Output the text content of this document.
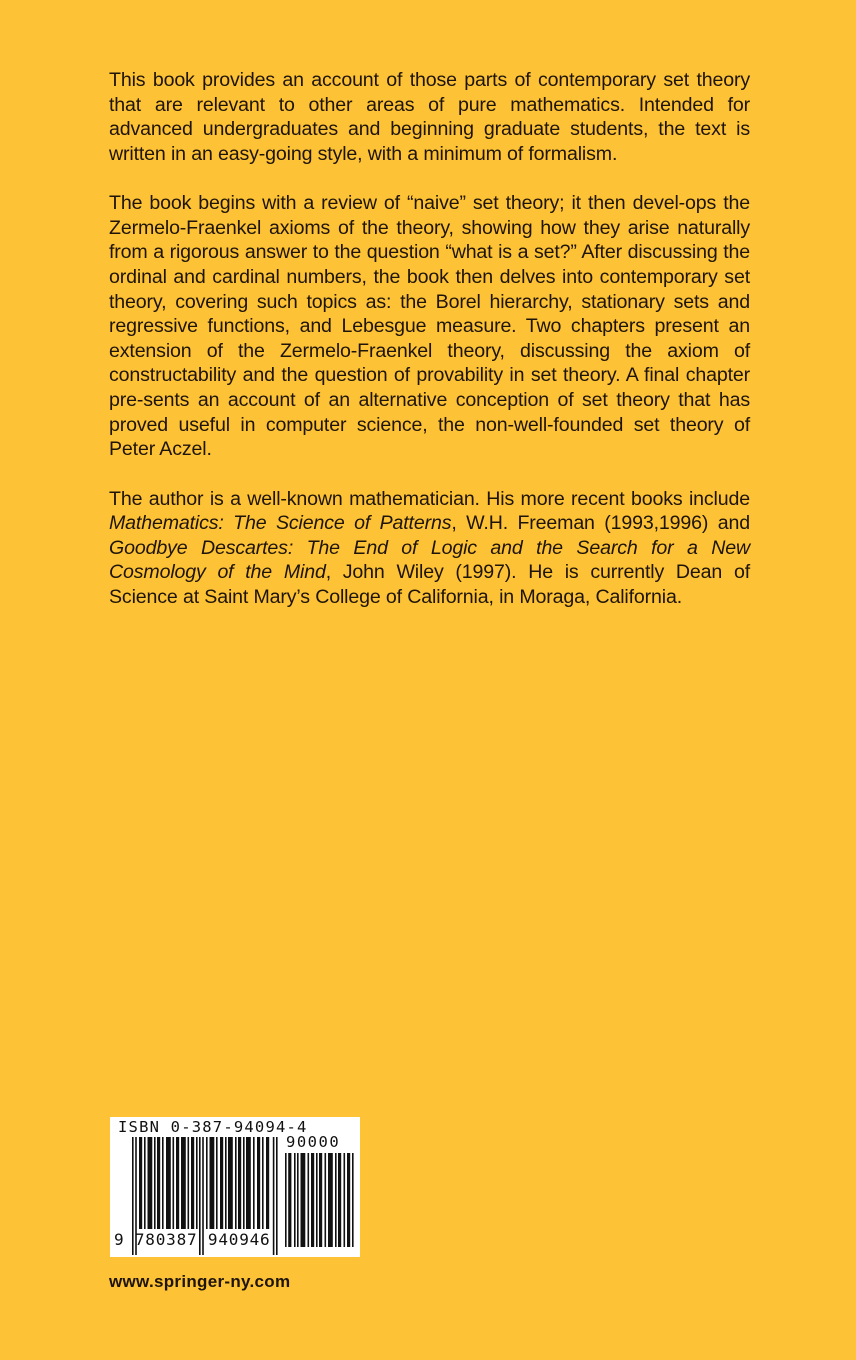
This book provides an account of those parts of contemporary set theory that are relevant to other areas of pure mathematics. Intended for advanced undergraduates and beginning graduate students, the text is written in an easy-going style, with a minimum of formalism.

The book begins with a review of “naive” set theory; it then devel-ops the Zermelo-Fraenkel axioms of the theory, showing how they arise naturally from a rigorous answer to the question “what is a set?” After discussing the ordinal and cardinal numbers, the book then delves into contemporary set theory, covering such topics as: the Borel hierarchy, stationary sets and regressive functions, and Lebesgue measure. Two chapters present an extension of the Zermelo-Fraenkel theory, discussing the axiom of constructability and the question of provability in set theory. A final chapter pre-sents an account of an alternative conception of set theory that has proved useful in computer science, the non-well-founded set theory of Peter Aczel.

The author is a well-known mathematician. His more recent books include Mathematics: The Science of Patterns, W.H. Freeman (1993,1996) and Goodbye Descartes: The End of Logic and the Search for a New Cosmology of the Mind, John Wiley (1997). He is currently Dean of Science at Saint Mary’s College of California, in Moraga, California.

ISBN 0-387-94094-4
90000
9 780387 940946
www.springer-ny.com
